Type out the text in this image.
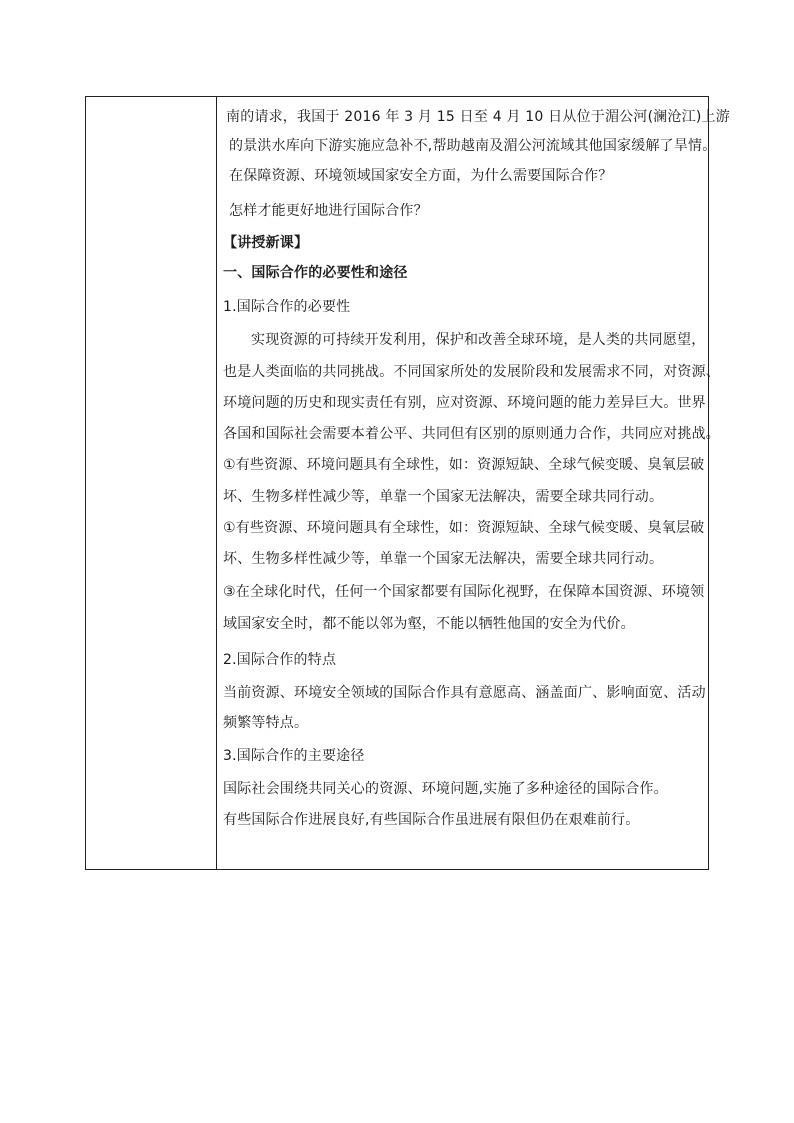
南的请求，我国于 2016 年 3 月 15 日至 4 月 10 日从位于湄公河(澜沧江)上游
的景洪水库向下游实施应急补不,帮助越南及湄公河流域其他国家缓解了旱情。
在保障资源、环境领域国家安全方面，为什么需要国际合作？
怎样才能更好地进行国际合作？
【讲授新课】
一、国际合作的必要性和途径
1.国际合作的必要性
实现资源的可持续开发利用，保护和改善全球环境，是人类的共同愿望，
也是人类面临的共同挑战。不同国家所处的发展阶段和发展需求不同，对资源、
环境问题的历史和现实责任有别，应对资源、环境问题的能力差异巨大。世界
各国和国际社会需要本着公平、共同但有区别的原则通力合作，共同应对挑战。
①有些资源、环境问题具有全球性，如：资源短缺、全球气候变暖、臭氧层破
坏、生物多样性减少等，单靠一个国家无法解决，需要全球共同行动。
①有些资源、环境问题具有全球性，如：资源短缺、全球气候变暖、臭氧层破
坏、生物多样性减少等，单靠一个国家无法解决，需要全球共同行动。
③在全球化时代，任何一个国家都要有国际化视野，在保障本国资源、环境领
域国家安全时，都不能以邻为壑，不能以牺牲他国的安全为代价。
2.国际合作的特点
当前资源、环境安全领域的国际合作具有意愿高、涵盖面广、影响面宽、活动
频繁等特点。
3.国际合作的主要途径
国际社会围绕共同关心的资源、环境问题,实施了多种途径的国际合作。
有些国际合作进展良好,有些国际合作虽进展有限但仍在艰难前行。
